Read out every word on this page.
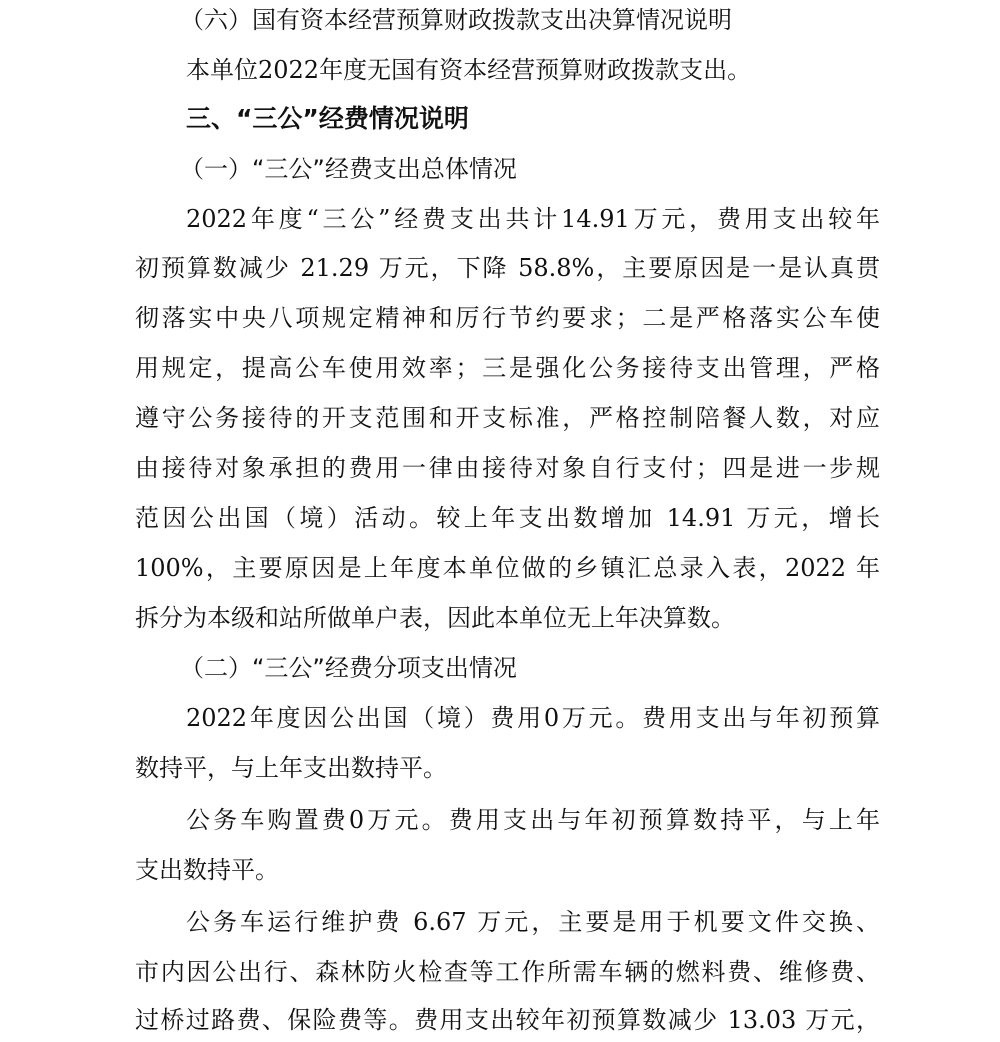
（六）国有资本经营预算财政拨款支出决算情况说明
本单位2022年度无国有资本经营预算财政拨款支出。
三、“三公”经费情况说明
（一）“三公”经费支出总体情况
2022年度“三公”经费支出共计14.91万元，费用支出较年
初预算数减少 21.29 万元，下降 58.8%，主要原因是一是认真贯
彻落实中央八项规定精神和厉行节约要求；二是严格落实公车使
用规定，提高公车使用效率；三是强化公务接待支出管理，严格
遵守公务接待的开支范围和开支标准，严格控制陪餐人数，对应
由接待对象承担的费用一律由接待对象自行支付；四是进一步规
范因公出国（境）活动。较上年支出数增加 14.91 万元，增长
100%，主要原因是上年度本单位做的乡镇汇总录入表，2022 年
拆分为本级和站所做单户表，因此本单位无上年决算数。
（二）“三公”经费分项支出情况
2022年度因公出国（境）费用0万元。费用支出与年初预算
数持平，与上年支出数持平。
公务车购置费0万元。费用支出与年初预算数持平，与上年
支出数持平。
公务车运行维护费 6.67 万元，主要是用于机要文件交换、
市内因公出行、森林防火检查等工作所需车辆的燃料费、维修费、
过桥过路费、保险费等。费用支出较年初预算数减少 13.03 万元，
